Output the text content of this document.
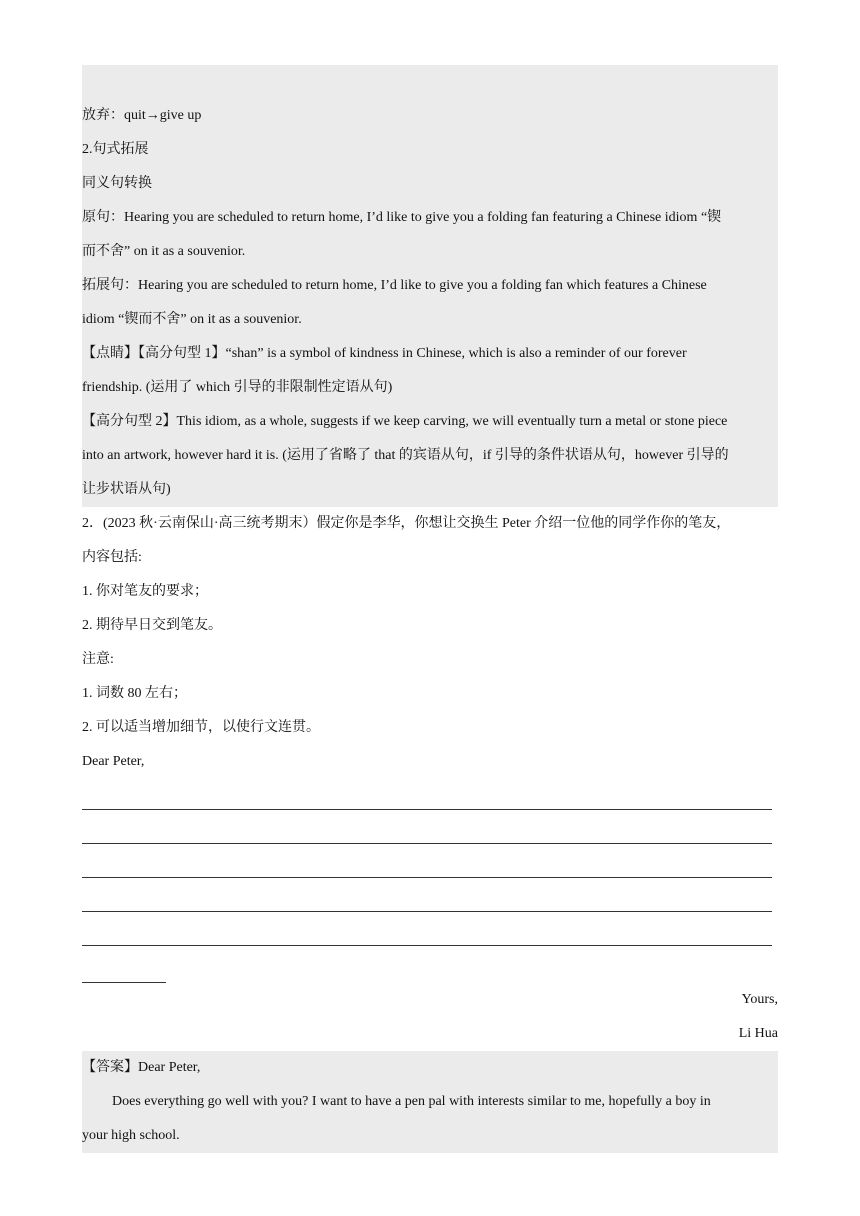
放弃：quit→give up
2.句式拓展
同义句转换
原句：Hearing you are scheduled to return home, I’d like to give you a folding fan featuring a Chinese idiom “锲
而不舍” on it as a souvenior.
拓展句：Hearing you are scheduled to return home, I’d like to give you a folding fan which features a Chinese
idiom “锲而不舍” on it as a souvenior.
【点睛】【高分句型 1】“shan” is a symbol of kindness in Chinese, which is also a reminder of our forever
friendship. (运用了 which 引导的非限制性定语从句)
【高分句型 2】This idiom, as a whole, suggests if we keep carving, we will eventually turn a metal or stone piece
into an artwork, however hard it is. (运用了省略了 that 的宾语从句，if 引导的条件状语从句，however 引导的
让步状语从句)
2．(2023 秋·云南保山·高三统考期末）假定你是李华，你想让交换生 Peter 介绍一位他的同学作你的笔友，
内容包括:
1. 你对笔友的要求；
2. 期待早日交到笔友。
注意:
1. 词数 80 左右；
2. 可以适当增加细节，以使行文连贯。
Dear Peter,
Yours,
Li Hua
【答案】Dear Peter,
Does everything go well with you? I want to have a pen pal with interests similar to me, hopefully a boy in
your high school.
